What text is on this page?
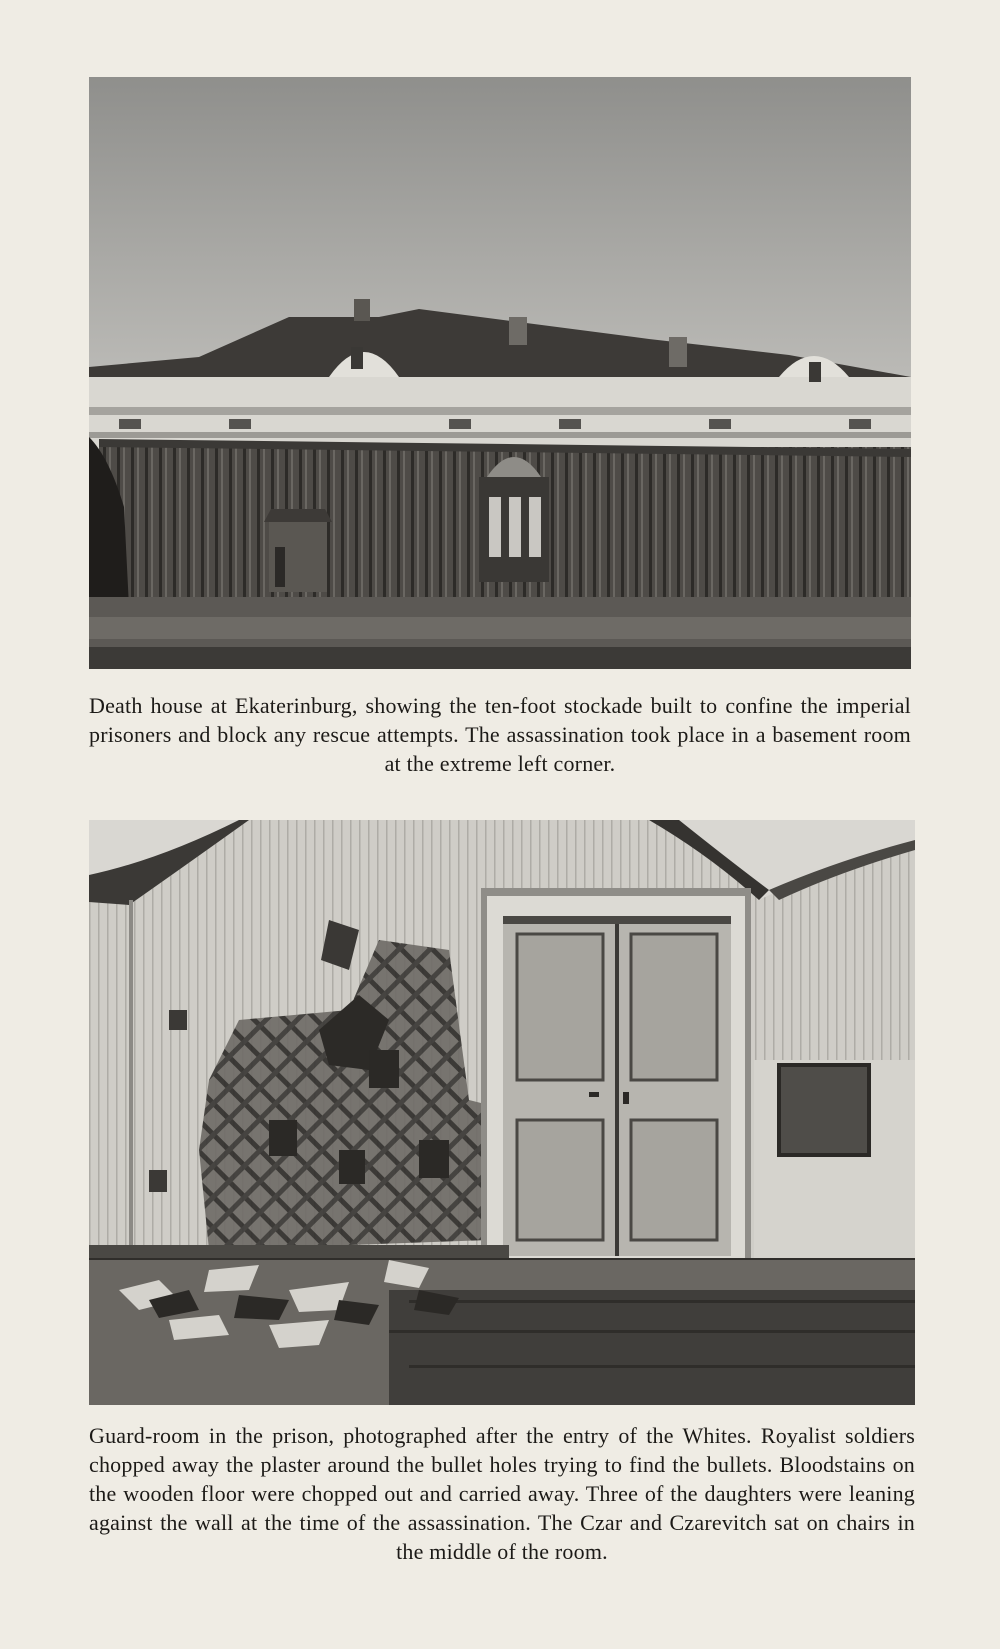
Death house at Ekaterinburg, showing the ten-foot stockade built to confine the imperial prisoners and block any rescue attempts. The assassination took place in a basement room at the extreme left corner.

Guard-room in the prison, photographed after the entry of the Whites. Royalist soldiers chopped away the plaster around the bullet holes trying to find the bullets. Bloodstains on the wooden floor were chopped out and carried away. Three of the daughters were leaning against the wall at the time of the assassination. The Czar and Czarevitch sat on chairs in the middle of the room.
